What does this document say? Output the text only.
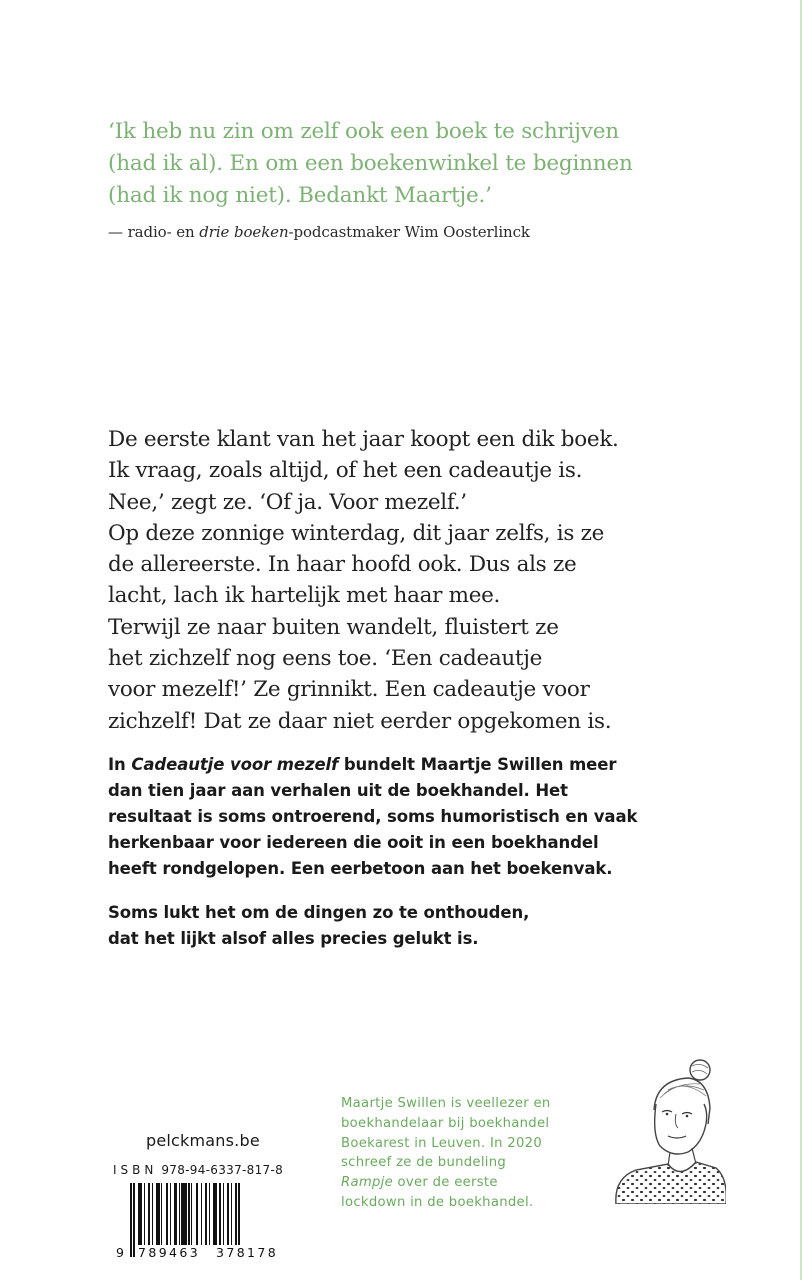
‘Ik heb nu zin om zelf ook een boek te schrijven
(had ik al). En om een boekenwinkel te beginnen
(had ik nog niet). Bedankt Maartje.’
— radio- en drie boeken-podcastmaker Wim Oosterlinck
De eerste klant van het jaar koopt een dik boek.
Ik vraag, zoals altijd, of het een cadeautje is.
Nee,’ zegt ze. ‘Of ja. Voor mezelf.’
Op deze zonnige winterdag, dit jaar zelfs, is ze
de allereerste. In haar hoofd ook. Dus als ze
lacht, lach ik hartelijk met haar mee.
Terwijl ze naar buiten wandelt, fluistert ze
het zichzelf nog eens toe. ‘Een cadeautje
voor mezelf!’ Ze grinnikt. Een cadeautje voor
zichzelf! Dat ze daar niet eerder opgekomen is.
In Cadeautje voor mezelf bundelt Maartje Swillen meer
dan tien jaar aan verhalen uit de boekhandel. Het
resultaat is soms ontroerend, soms humoristisch en vaak
herkenbaar voor iedereen die ooit in een boekhandel
heeft rondgelopen. Een eerbetoon aan het boekenvak.
Soms lukt het om de dingen zo te onthouden,
dat het lijkt alsof alles precies gelukt is.
pelckmans.be
ISBN 978-94-6337-817-8
9 789463 378178
Maartje Swillen is veellezer en
boekhandelaar bij boekhandel
Boekarest in Leuven. In 2020
schreef ze de bundeling
Rampje over de eerste
lockdown in de boekhandel.
